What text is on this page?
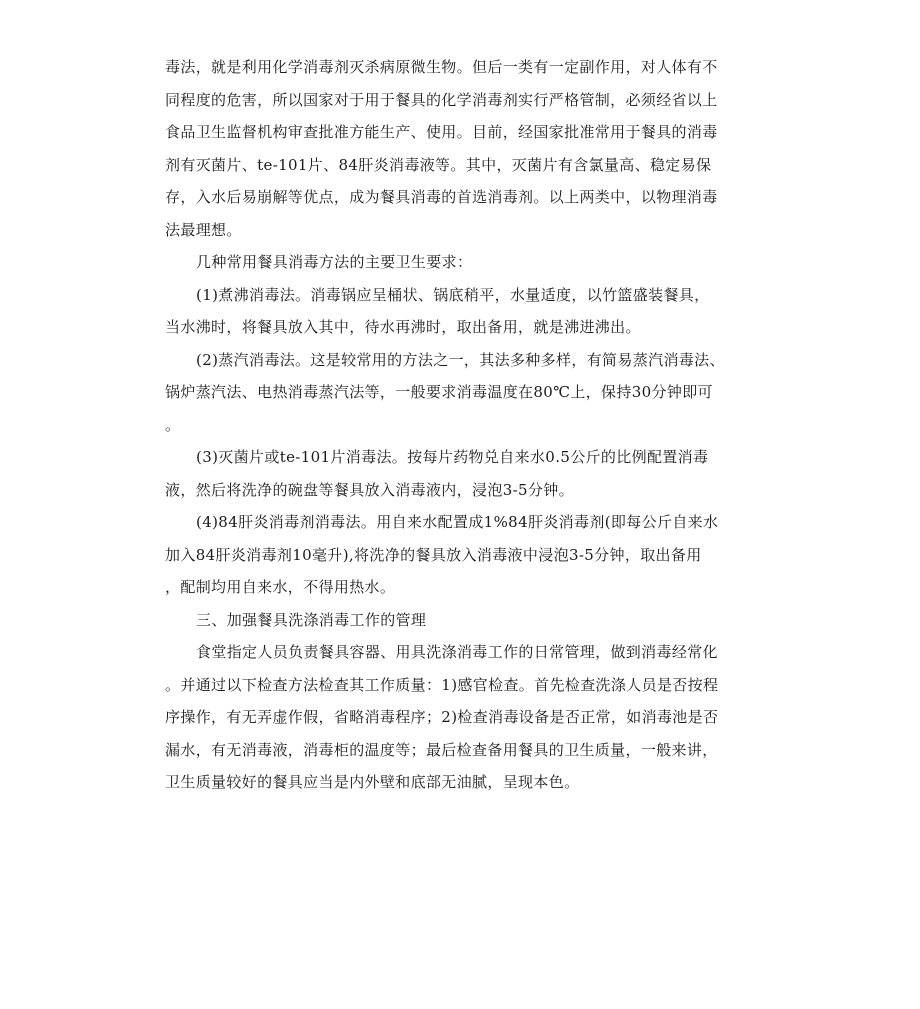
毒法，就是利用化学消毒剂灭杀病原微生物。但后一类有一定副作用，对人体有不
同程度的危害，所以国家对于用于餐具的化学消毒剂实行严格管制，必须经省以上
食品卫生监督机构审查批准方能生产、使用。目前，经国家批准常用于餐具的消毒
剂有灭菌片、te-101片、84肝炎消毒液等。其中，灭菌片有含氯量高、稳定易保
存，入水后易崩解等优点，成为餐具消毒的首选消毒剂。以上两类中，以物理消毒
法最理想。
几种常用餐具消毒方法的主要卫生要求：
(1)煮沸消毒法。消毒锅应呈桶状、锅底稍平，水量适度，以竹篮盛装餐具，
当水沸时，将餐具放入其中，待水再沸时，取出备用，就是沸进沸出。
(2)蒸汽消毒法。这是较常用的方法之一，其法多种多样，有简易蒸汽消毒法、
锅炉蒸汽法、电热消毒蒸汽法等，一般要求消毒温度在80℃上，保持30分钟即可
。
(3)灭菌片或te-101片消毒法。按每片药物兑自来水0.5公斤的比例配置消毒
液，然后将洗净的碗盘等餐具放入消毒液内，浸泡3-5分钟。
(4)84肝炎消毒剂消毒法。用自来水配置成1%84肝炎消毒剂(即每公斤自来水
加入84肝炎消毒剂10毫升),将洗净的餐具放入消毒液中浸泡3-5分钟，取出备用
，配制均用自来水，不得用热水。
三、加强餐具洗涤消毒工作的管理
食堂指定人员负责餐具容器、用具洗涤消毒工作的日常管理，做到消毒经常化
。并通过以下检查方法检查其工作质量：1)感官检查。首先检查洗涤人员是否按程
序操作，有无弄虚作假，省略消毒程序；2)检查消毒设备是否正常，如消毒池是否
漏水，有无消毒液，消毒柜的温度等；最后检查备用餐具的卫生质量，一般来讲，
卫生质量较好的餐具应当是内外壁和底部无油腻，呈现本色。
